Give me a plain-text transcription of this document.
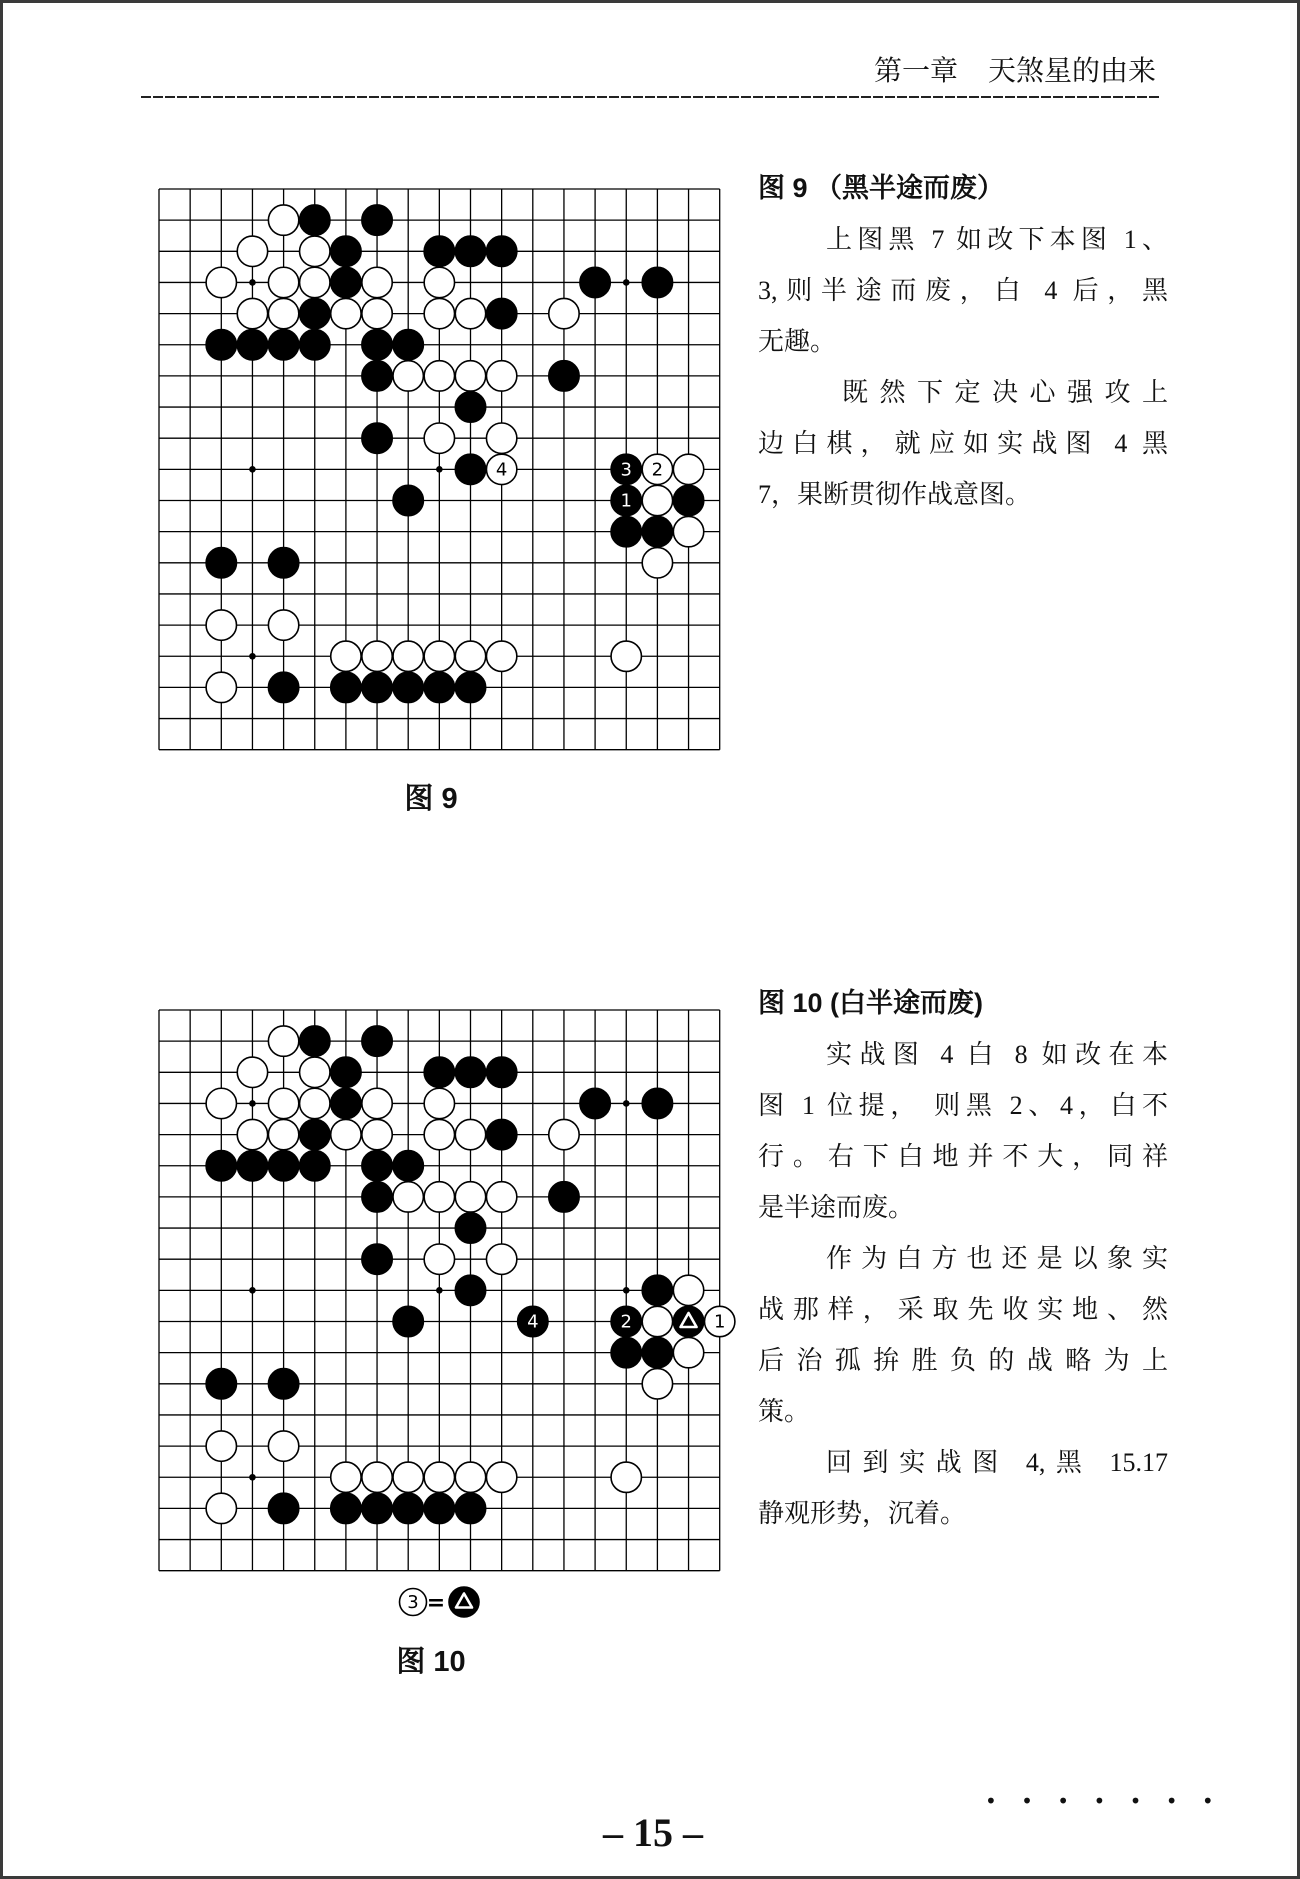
第一章 天煞星的由来
4	3 2
1
图 9
4	2	1
3 =
图 10
图 9 （黑半途而废）
上图黑 7 如改下本图 1、
3,则半途而废，白 4 后，黑
无趣。
既然下定决心强攻上
边白棋，就应如实战图 4 黑
7，果断贯彻作战意图。
图 10 (白半途而废)
实战图 4 白 8 如改在本
图 1 位提， 则黑 2、4，白不
行。右下白地并不大，同祥
是半途而废。
作为白方也还是以象实
战那样，采取先收实地、然
后治孤拚胜负的战略为上
策。
回到实战图 4,黑 15.17
静观形势，沉着。
• • • • • • •
– 15 –
